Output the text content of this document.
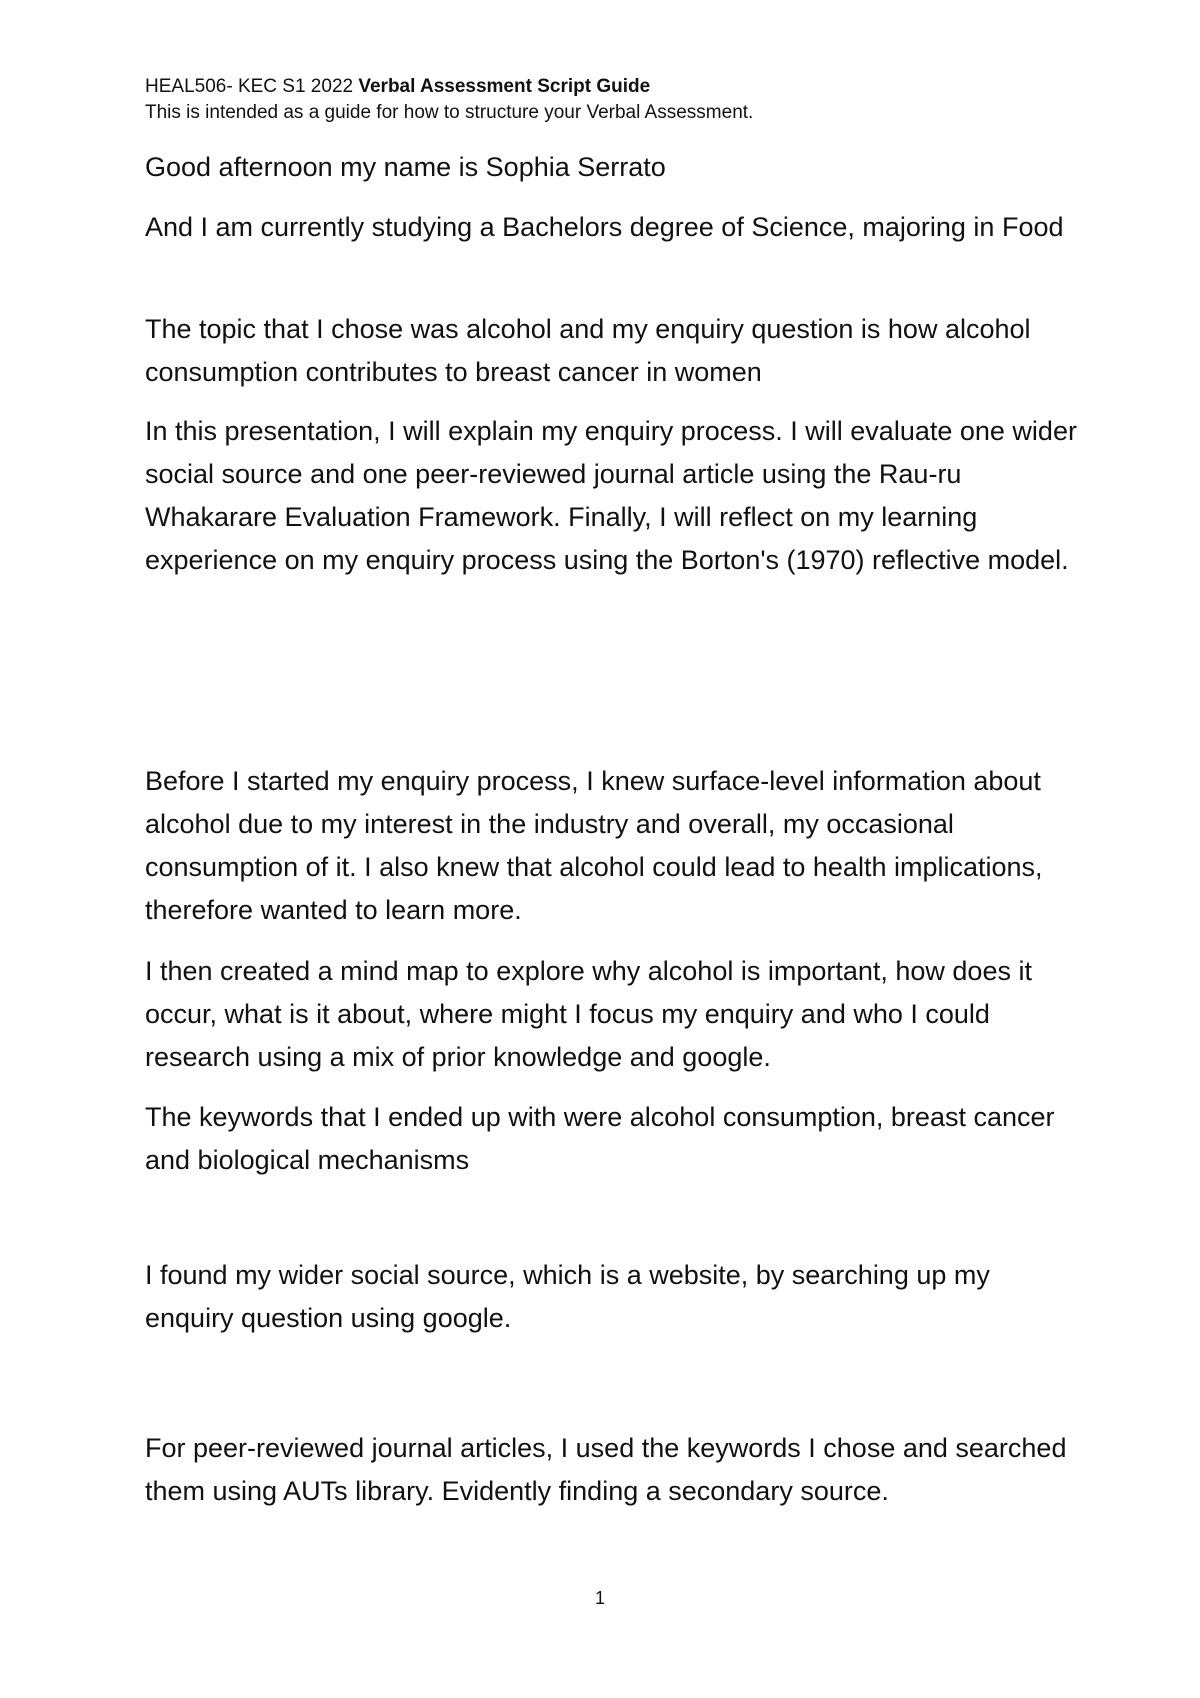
HEAL506- KEC S1 2022 Verbal Assessment Script Guide
This is intended as a guide for how to structure your Verbal Assessment.

Good afternoon my name is Sophia Serrato

And I am currently studying a Bachelors degree of Science, majoring in Food

The topic that I chose was alcohol and my enquiry question is how alcohol consumption contributes to breast cancer in women

In this presentation, I will explain my enquiry process. I will evaluate one wider social source and one peer-reviewed journal article using the Rau-ru Whakarare Evaluation Framework. Finally, I will reflect on my learning experience on my enquiry process using the Borton's (1970) reflective model.

Before I started my enquiry process, I knew surface-level information about alcohol due to my interest in the industry and overall, my occasional consumption of it. I also knew that alcohol could lead to health implications, therefore wanted to learn more.

I then created a mind map to explore why alcohol is important, how does it occur, what is it about, where might I focus my enquiry and who I could research using a mix of prior knowledge and google.

The keywords that I ended up with were alcohol consumption, breast cancer and biological mechanisms

I found my wider social source, which is a website, by searching up my enquiry question using google.

For peer-reviewed journal articles, I used the keywords I chose and searched them using AUTs library. Evidently finding a secondary source.

1
